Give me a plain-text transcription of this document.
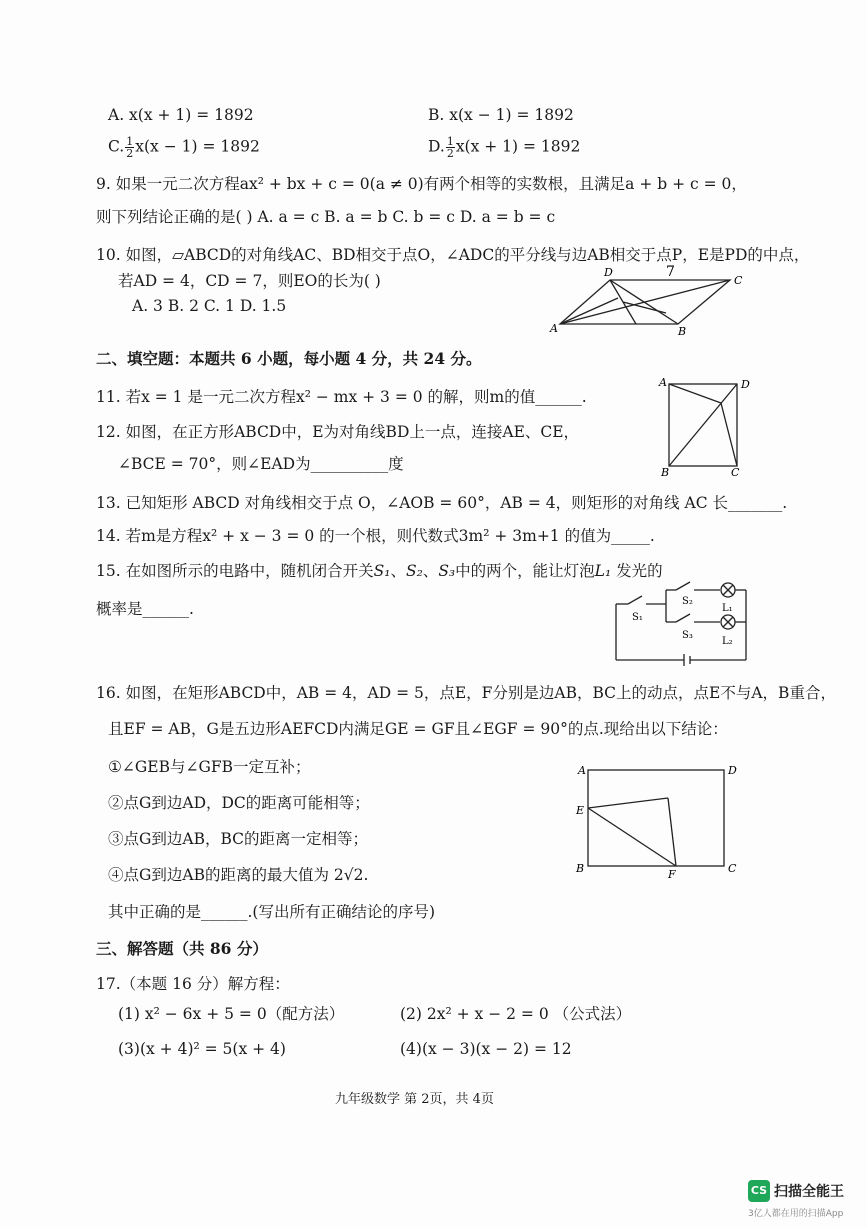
A. x(x + 1) = 1892	B. x(x − 1) = 1892
C. $\frac{1}{2} x(x - 1) = 1892$	D. $\frac{1}{2} x(x + 1) = 1892$
9. 如果一元二次方程ax² + bx + c = 0(a ≠ 0)有两个相等的实数根，且满足a + b + c = 0，
则下列结论正确的是( ) A. a = c B. a = b C. b = c D. a = b = c
10. 如图，▱ABCD的对角线AC、BD相交于点O，∠ADC的平分线与边AB相交于点P，E是PD的中点，
若AD = 4，CD = 7，则EO的长为( )
A. 3 B. 2 C. 1 D. 1.5
A	B
C
D	7
二、填空题：本题共 6 小题，每小题 4 分，共 24 分。
11. 若x = 1 是一元二次方程x² − mx + 3 = 0 的解，则m的值______.
12. 如图，在正方形ABCD中，E为对角线BD上一点，连接AE、CE，
∠BCE = 70°，则∠EAD为__________度
A	D
B	C
13. 已知矩形 ABCD 对角线相交于点 O，∠AOB = 60°，AB = 4，则矩形的对角线 AC 长_______.
14. 若m是方程x² + x − 3 = 0 的一个根，则代数式3m² + 3m+1 的值为_____.
15. 在如图所示的电路中，随机闭合开关S₁、S₂、S₃中的两个，能让灯泡L₁ 发光的
概率是______.	S₁
S₂
S₃
L₁
L₂
16. 如图，在矩形ABCD中，AB = 4，AD = 5，点E，F分别是边AB，BC上的动点，点E不与A，B重合，
且EF = AB，G是五边形AEFCD内满足GE = GF且∠EGF = 90°的点.现给出以下结论：
①∠GEB与∠GFB一定互补；
②点G到边AD，DC的距离可能相等；
③点G到边AB，BC的距离一定相等；
④点G到边AB的距离的最大值为 2√2.
其中正确的是______.(写出所有正确结论的序号)
A	D
E
B	C
F
三、解答题（共 86 分）
17.（本题 16 分）解方程：
(1) x² − 6x + 5 = 0（配方法）	(2) 2x² + x − 2 = 0 （公式法）
(3)(x + 4)² = 5(x + 4)	(4)(x − 3)(x − 2) = 12
九年级数学 第 2页，共 4页
CS 扫描全能王
3亿人都在用的扫描App
